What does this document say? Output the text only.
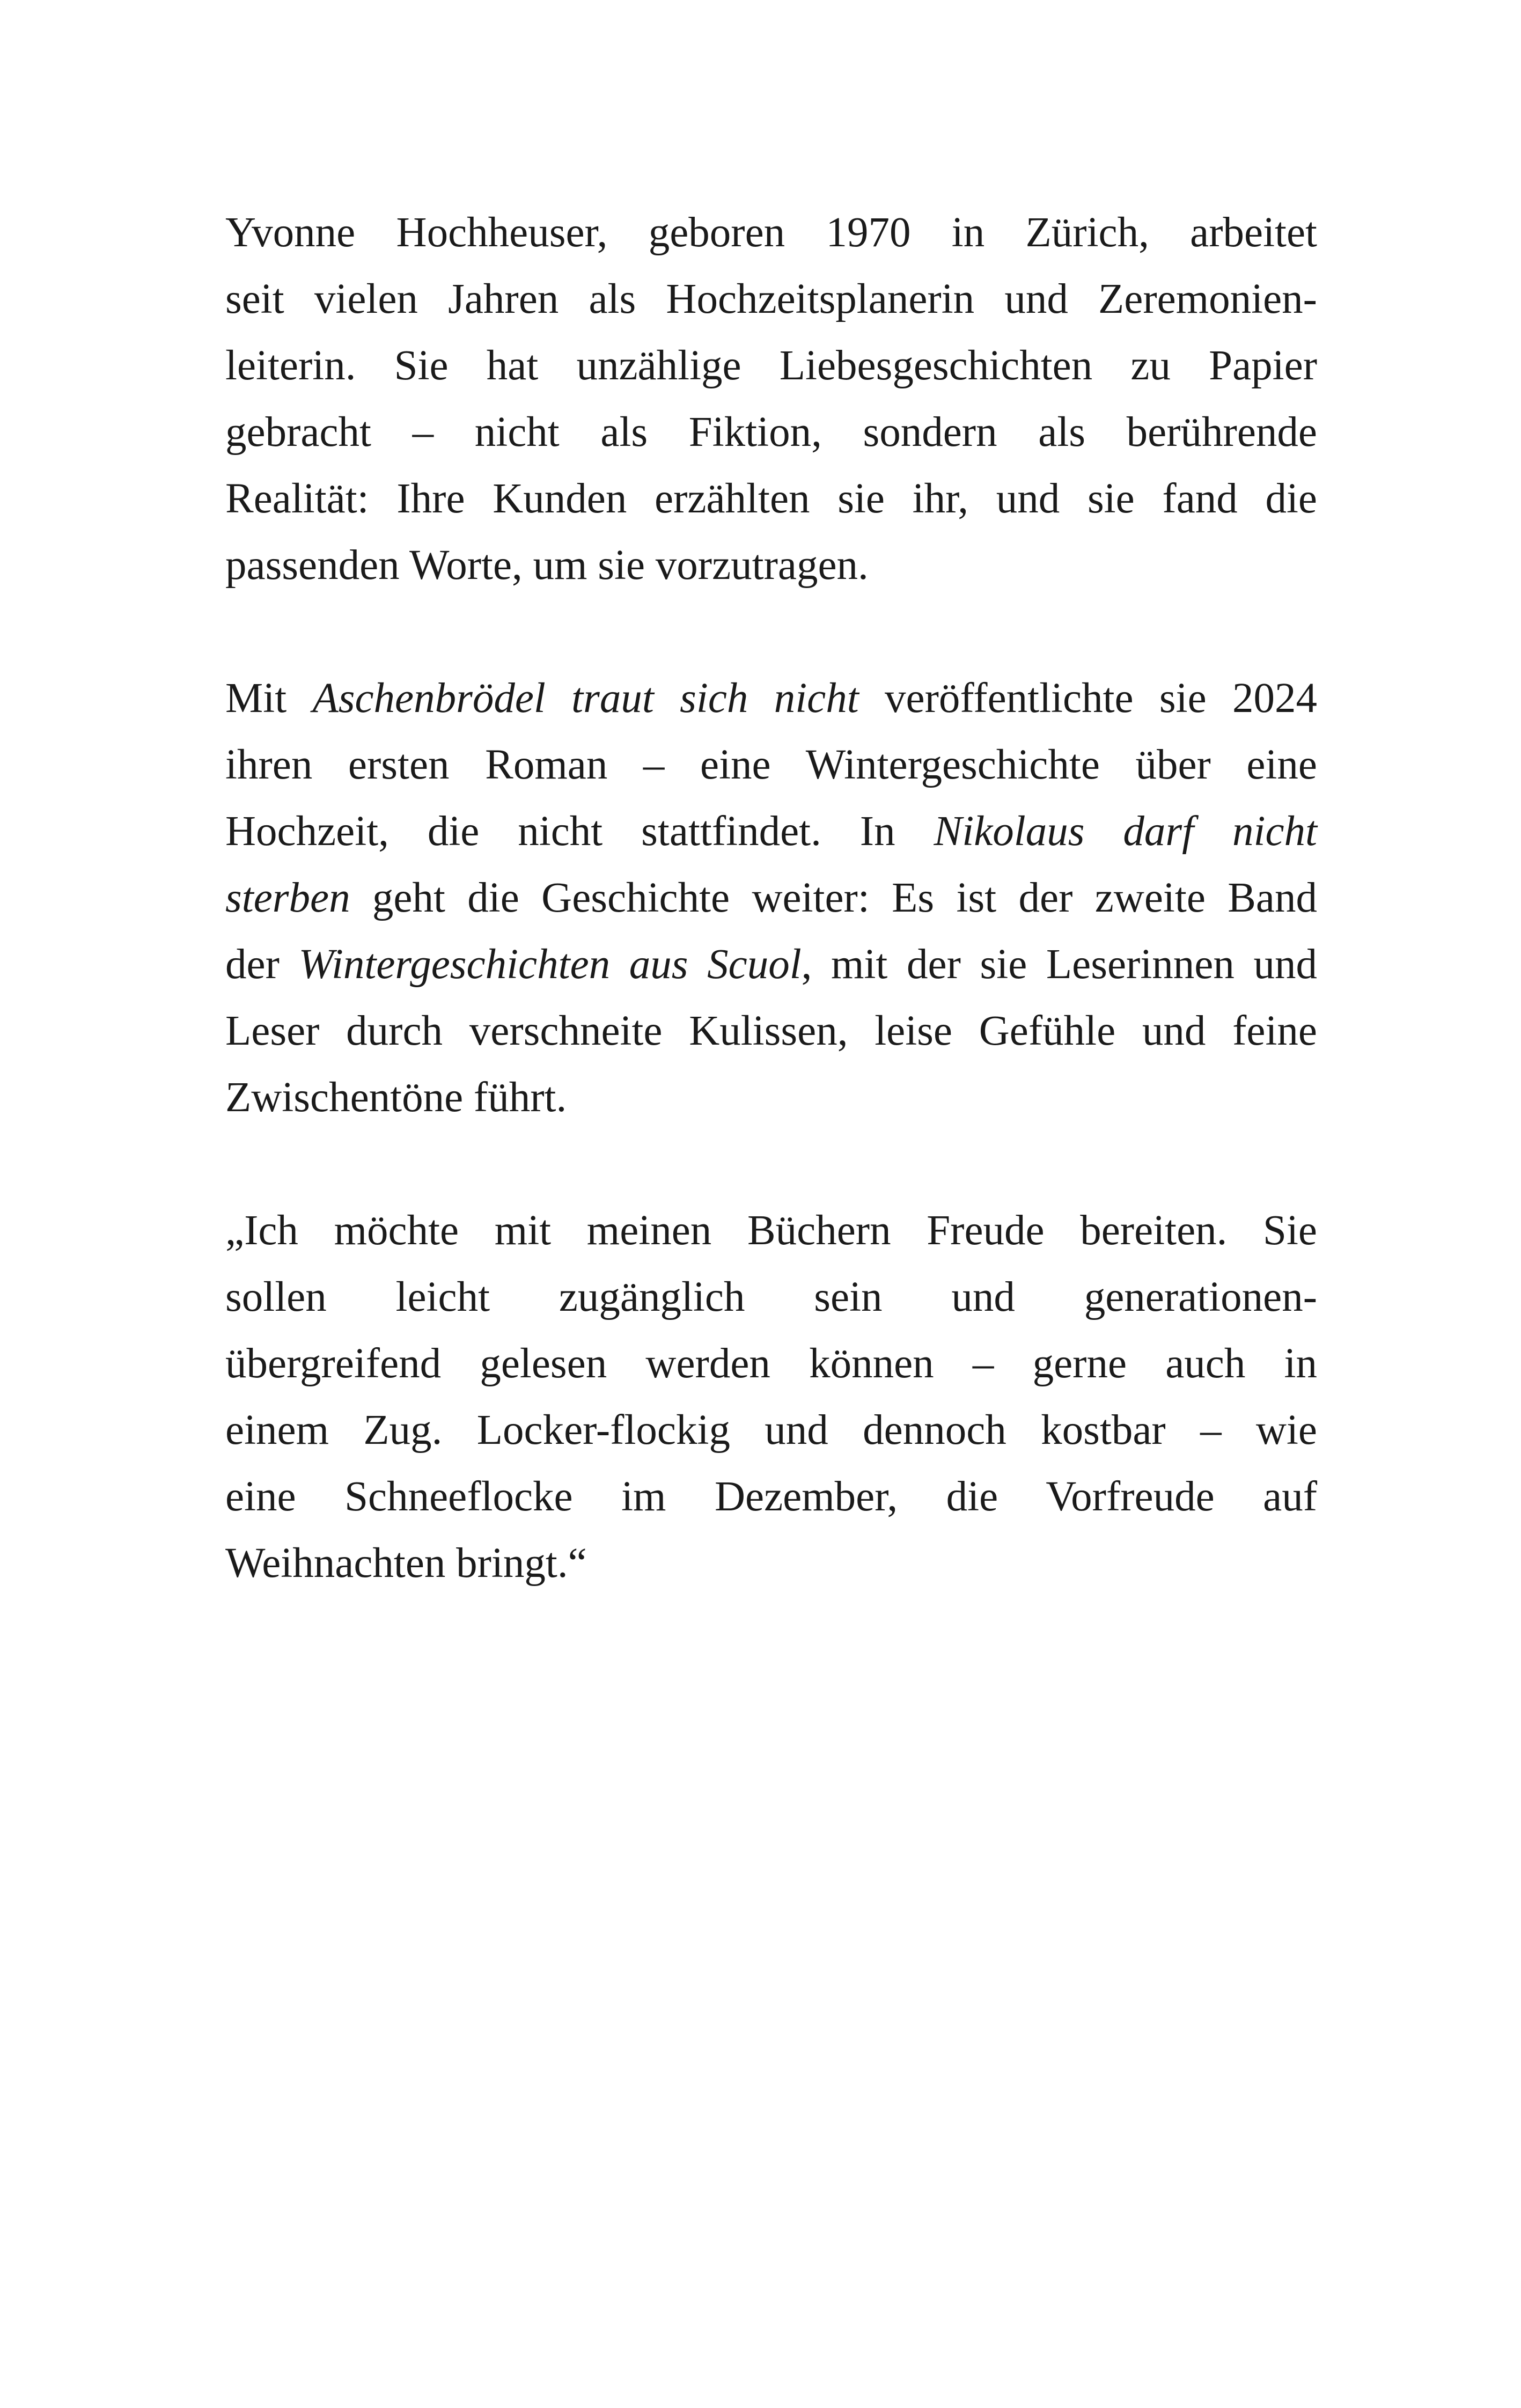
Yvonne Hochheuser, geboren 1970 in Zürich, arbeitet
seit vielen Jahren als Hochzeitsplanerin und Zeremonien-
leiterin. Sie hat unzählige Liebesgeschichten zu Papier
gebracht – nicht als Fiktion, sondern als berührende
Realität: Ihre Kunden erzählten sie ihr, und sie fand die
passenden Worte, um sie vorzutragen.

Mit Aschenbrödel traut sich nicht veröffentlichte sie 2024
ihren ersten Roman – eine Wintergeschichte über eine
Hochzeit, die nicht stattfindet. In Nikolaus darf nicht
sterben geht die Geschichte weiter: Es ist der zweite Band
der Wintergeschichten aus Scuol, mit der sie Leserinnen und
Leser durch verschneite Kulissen, leise Gefühle und feine
Zwischentöne führt.

„Ich möchte mit meinen Büchern Freude bereiten. Sie
sollen leicht zugänglich sein und generationen-
übergreifend gelesen werden können – gerne auch in
einem Zug. Locker-flockig und dennoch kostbar – wie
eine Schneeflocke im Dezember, die Vorfreude auf
Weihnachten bringt.“
